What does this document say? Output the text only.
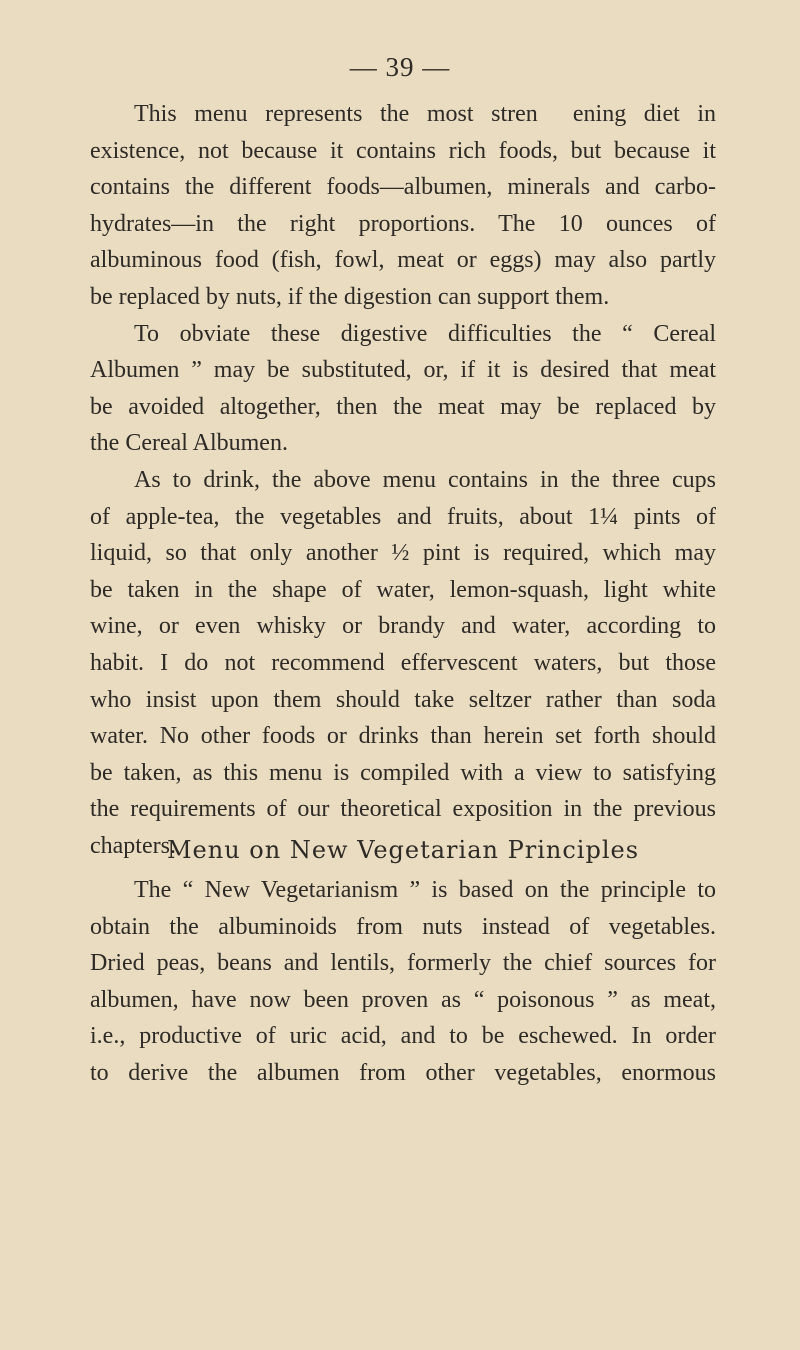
— 39 —
This menu represents the most stren  ening diet in
existence, not because it contains rich foods, but because it
contains the different foods—albumen, minerals and carbo-
hydrates—in the right proportions. The 10 ounces of
albuminous food (fish, fowl, meat or eggs) may also partly
be replaced by nuts, if the digestion can support them.
To obviate these digestive difficulties the “ Cereal
Albumen ” may be substituted, or, if it is desired that meat
be avoided altogether, then the meat may be replaced by
the Cereal Albumen.
As to drink, the above menu contains in the three cups
of apple-tea, the vegetables and fruits, about 1¼ pints of
liquid, so that only another ½ pint is required, which may
be taken in the shape of water, lemon-squash, light white
wine, or even whisky or brandy and water, according to
habit. I do not recommend effervescent waters, but those
who insist upon them should take seltzer rather than soda
water. No other foods or drinks than herein set forth should
be taken, as this menu is compiled with a view to satisfying
the requirements of our theoretical exposition in the previous
chapters.
Menu on New Vegetarian Principles
The “ New Vegetarianism ” is based on the principle to
obtain the albuminoids from nuts instead of vegetables.
Dried peas, beans and lentils, formerly the chief sources for
albumen, have now been proven as “ poisonous ” as meat,
i.e., productive of uric acid, and to be eschewed. In order
to derive the albumen from other vegetables, enormous
